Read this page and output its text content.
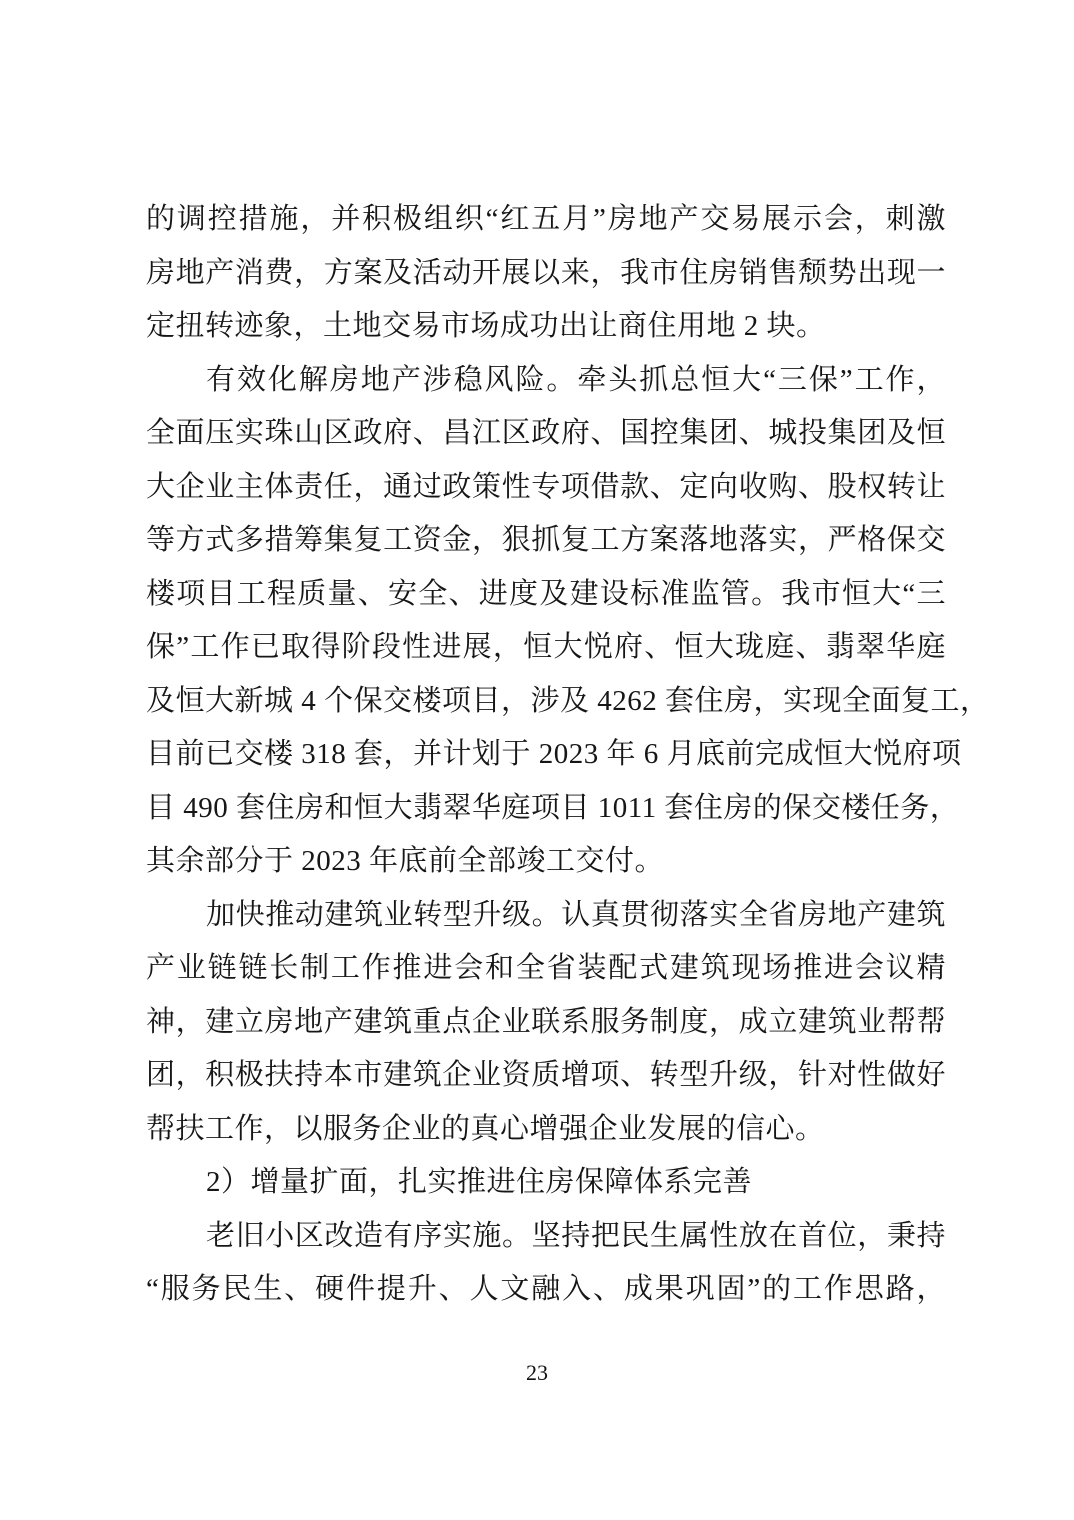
的调控措施，并积极组织“红五月”房地产交易展示会，刺激
房地产消费，方案及活动开展以来，我市住房销售颓势出现一
定扭转迹象，土地交易市场成功出让商住用地 2 块。
有效化解房地产涉稳风险。牵头抓总恒大“三保”工作，
全面压实珠山区政府、昌江区政府、国控集团、城投集团及恒
大企业主体责任，通过政策性专项借款、定向收购、股权转让
等方式多措筹集复工资金，狠抓复工方案落地落实，严格保交
楼项目工程质量、安全、进度及建设标准监管。我市恒大“三
保”工作已取得阶段性进展，恒大悦府、恒大珑庭、翡翠华庭
及恒大新城 4 个保交楼项目，涉及 4262 套住房，实现全面复工，
目前已交楼 318 套，并计划于 2023 年 6 月底前完成恒大悦府项
目 490 套住房和恒大翡翠华庭项目 1011 套住房的保交楼任务，
其余部分于 2023 年底前全部竣工交付。
加快推动建筑业转型升级。认真贯彻落实全省房地产建筑
产业链链长制工作推进会和全省装配式建筑现场推进会议精
神，建立房地产建筑重点企业联系服务制度，成立建筑业帮帮
团，积极扶持本市建筑企业资质增项、转型升级，针对性做好
帮扶工作，以服务企业的真心增强企业发展的信心。
2）增量扩面，扎实推进住房保障体系完善
老旧小区改造有序实施。坚持把民生属性放在首位，秉持
“服务民生、硬件提升、人文融入、成果巩固”的工作思路，
23
